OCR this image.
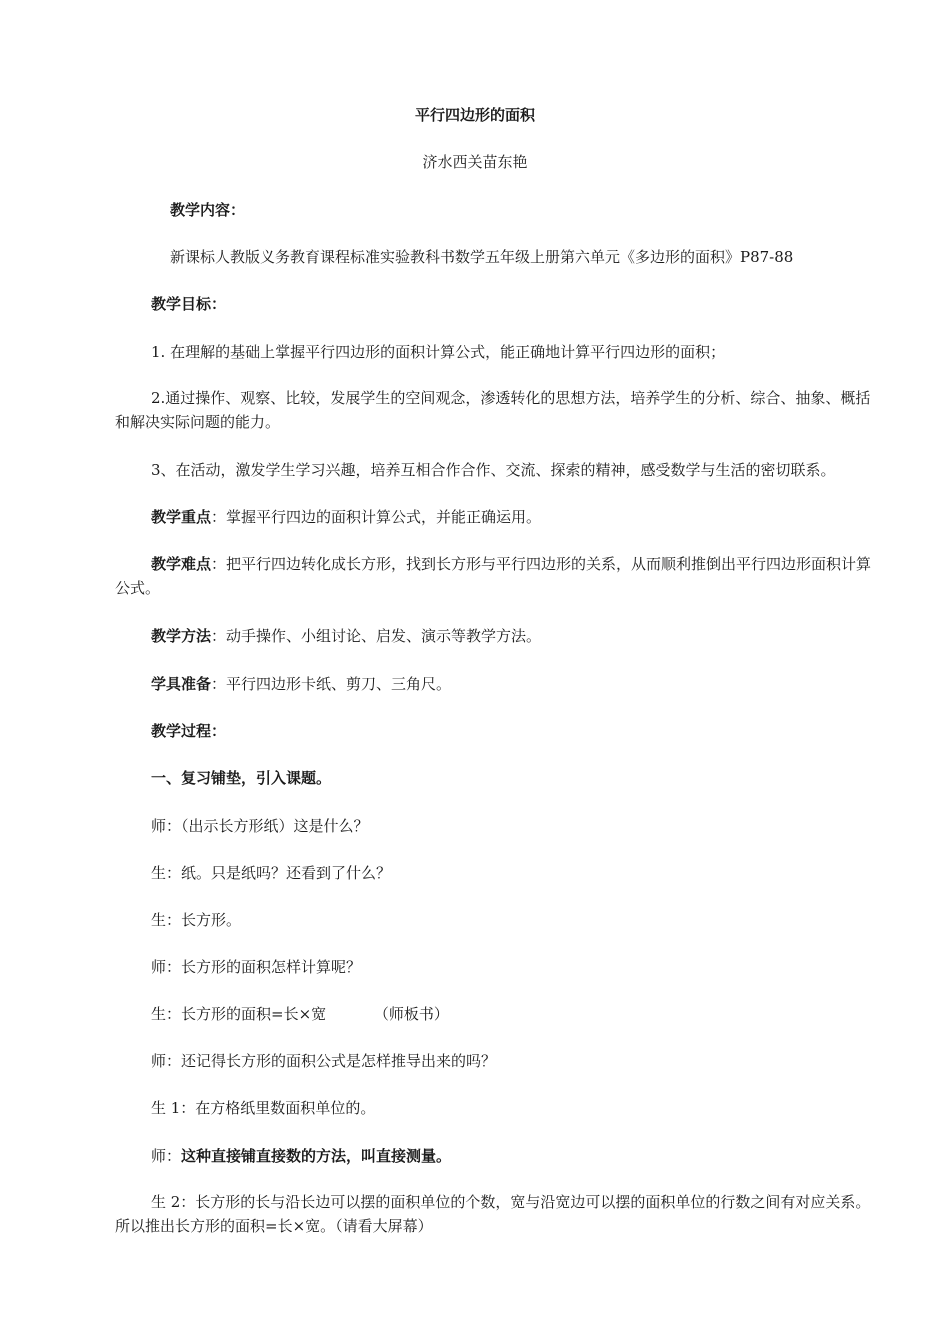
平行四边形的面积
济水西关苗东艳
教学内容：
新课标人教版义务教育课程标准实验教科书数学五年级上册第六单元《多边形的面积》P87-88
教学目标：
1. 在理解的基础上掌握平行四边形的面积计算公式，能正确地计算平行四边形的面积；
2.通过操作、观察、比较，发展学生的空间观念，渗透转化的思想方法，培养学生的分析、综合、抽象、概括和解决实际问题的能力。
3、在活动，激发学生学习兴趣，培养互相合作合作、交流、探索的精神，感受数学与生活的密切联系。
教学重点：掌握平行四边的面积计算公式，并能正确运用。
教学难点：把平行四边转化成长方形，找到长方形与平行四边形的关系，从而顺利推倒出平行四边形面积计算公式。
教学方法：动手操作、小组讨论、启发、演示等教学方法。
学具准备：平行四边形卡纸、剪刀、三角尺。
教学过程：
一、复习铺垫，引入课题。
师：（出示长方形纸）这是什么？
生：纸。只是纸吗？还看到了什么？
生：长方形。
师：长方形的面积怎样计算呢？
生：长方形的面积=长×宽          （师板书）
师：还记得长方形的面积公式是怎样推导出来的吗？
生 1：在方格纸里数面积单位的。
师：这种直接铺直接数的方法，叫直接测量。
生 2：长方形的长与沿长边可以摆的面积单位的个数，宽与沿宽边可以摆的面积单位的行数之间有对应关系。所以推出长方形的面积=长×宽。（请看大屏幕）
